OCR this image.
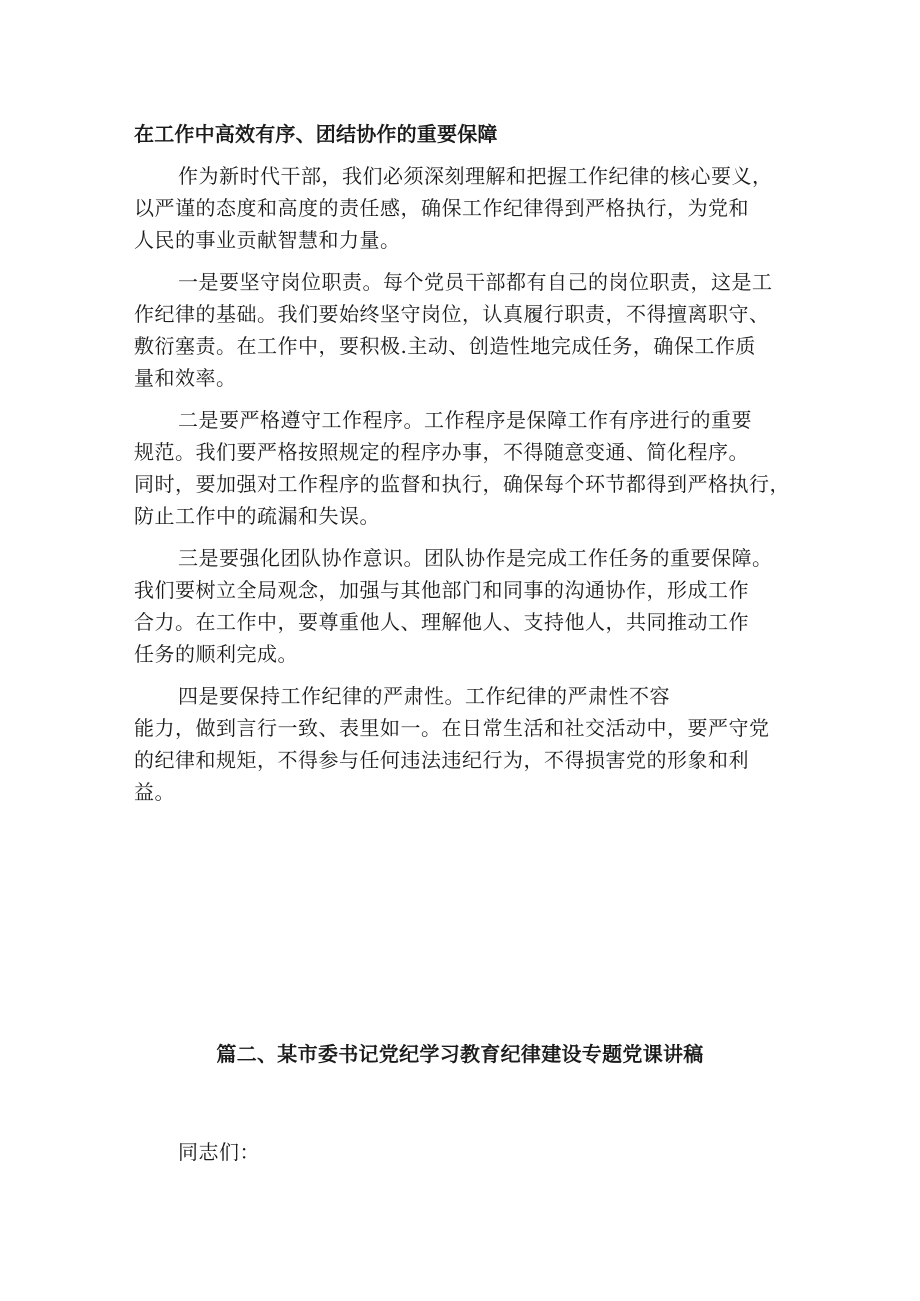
在工作中高效有序、团结协作的重要保障
作为新时代干部，我们必须深刻理解和把握工作纪律的核心要义，
以严谨的态度和高度的责任感，确保工作纪律得到严格执行，为党和
人民的事业贡献智慧和力量。
一是要坚守岗位职责。每个党员干部都有自己的岗位职责，这是工
作纪律的基础。我们要始终坚守岗位，认真履行职责，不得擅离职守、
敷衍塞责。在工作中，要积极.主动、创造性地完成任务，确保工作质
量和效率。
二是要严格遵守工作程序。工作程序是保障工作有序进行的重要
规范。我们要严格按照规定的程序办事，不得随意变通、简化程序。
同时，要加强对工作程序的监督和执行，确保每个环节都得到严格执行，
防止工作中的疏漏和失误。
三是要强化团队协作意识。团队协作是完成工作任务的重要保障。
我们要树立全局观念，加强与其他部门和同事的沟通协作，形成工作
合力。在工作中，要尊重他人、理解他人、支持他人，共同推动工作
任务的顺利完成。
四是要保持工作纪律的严肃性。工作纪律的严肃性不容
能力，做到言行一致、表里如一。在日常生活和社交活动中，要严守党
的纪律和规矩，不得参与任何违法违纪行为，不得损害党的形象和利
益。
篇二、某市委书记党纪学习教育纪律建设专题党课讲稿
同志们：
